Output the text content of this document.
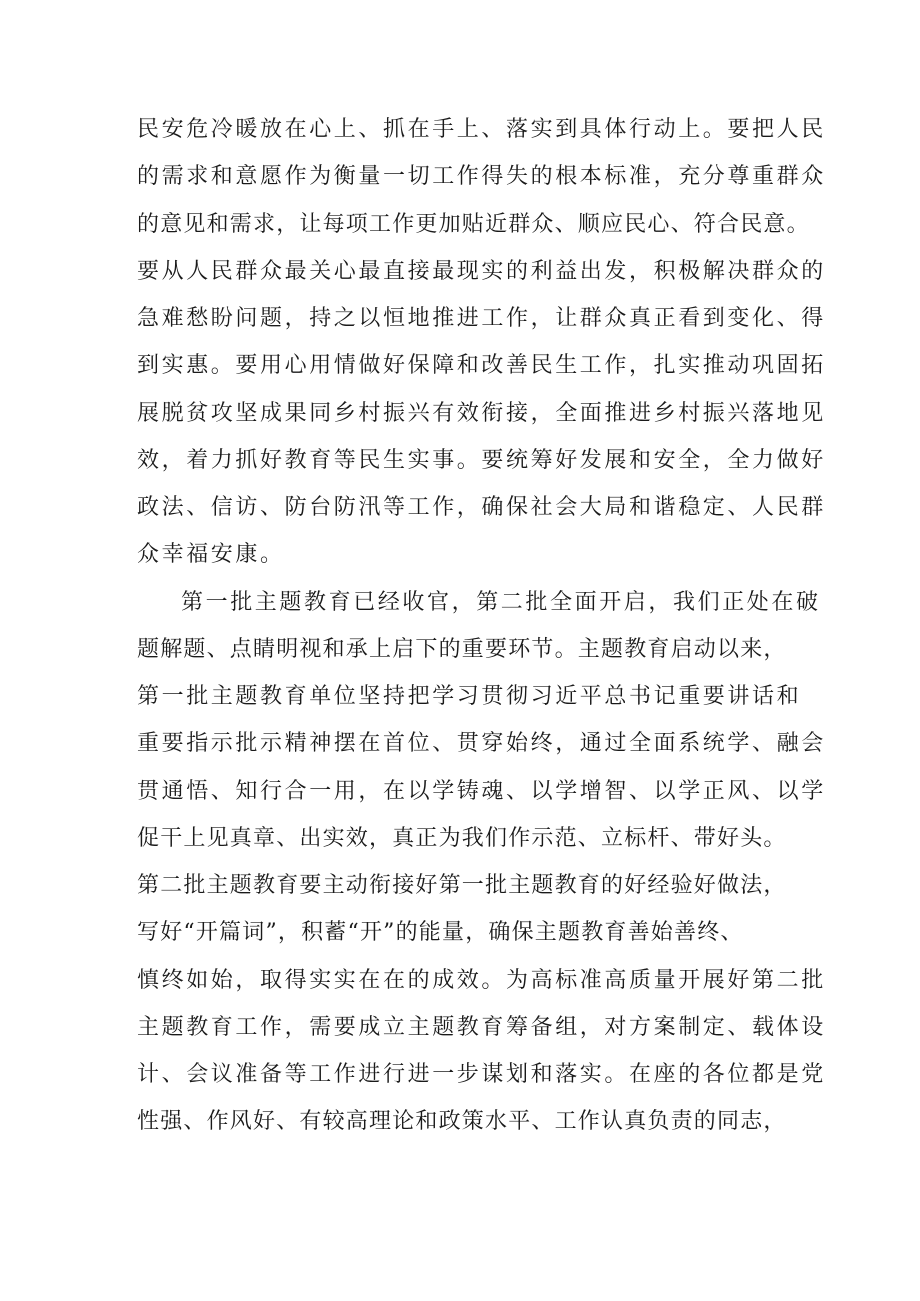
民安危冷暖放在心上、抓在手上、落实到具体行动上。要把人民
的需求和意愿作为衡量一切工作得失的根本标准，充分尊重群众
的意见和需求，让每项工作更加贴近群众、顺应民心、符合民意。
要从人民群众最关心最直接最现实的利益出发，积极解决群众的
急难愁盼问题，持之以恒地推进工作，让群众真正看到变化、得
到实惠。要用心用情做好保障和改善民生工作，扎实推动巩固拓
展脱贫攻坚成果同乡村振兴有效衔接，全面推进乡村振兴落地见
效，着力抓好教育等民生实事。要统筹好发展和安全，全力做好
政法、信访、防台防汛等工作，确保社会大局和谐稳定、人民群
众幸福安康。
第一批主题教育已经收官，第二批全面开启，我们正处在破
题解题、点睛明视和承上启下的重要环节。主题教育启动以来，
第一批主题教育单位坚持把学习贯彻习近平总书记重要讲话和
重要指示批示精神摆在首位、贯穿始终，通过全面系统学、融会
贯通悟、知行合一用，在以学铸魂、以学增智、以学正风、以学
促干上见真章、出实效，真正为我们作示范、立标杆、带好头。
第二批主题教育要主动衔接好第一批主题教育的好经验好做法，
写好“开篇词”，积蓄“开”的能量，确保主题教育善始善终、
慎终如始，取得实实在在的成效。为高标准高质量开展好第二批
主题教育工作，需要成立主题教育筹备组，对方案制定、载体设
计、会议准备等工作进行进一步谋划和落实。在座的各位都是党
性强、作风好、有较高理论和政策水平、工作认真负责的同志，
